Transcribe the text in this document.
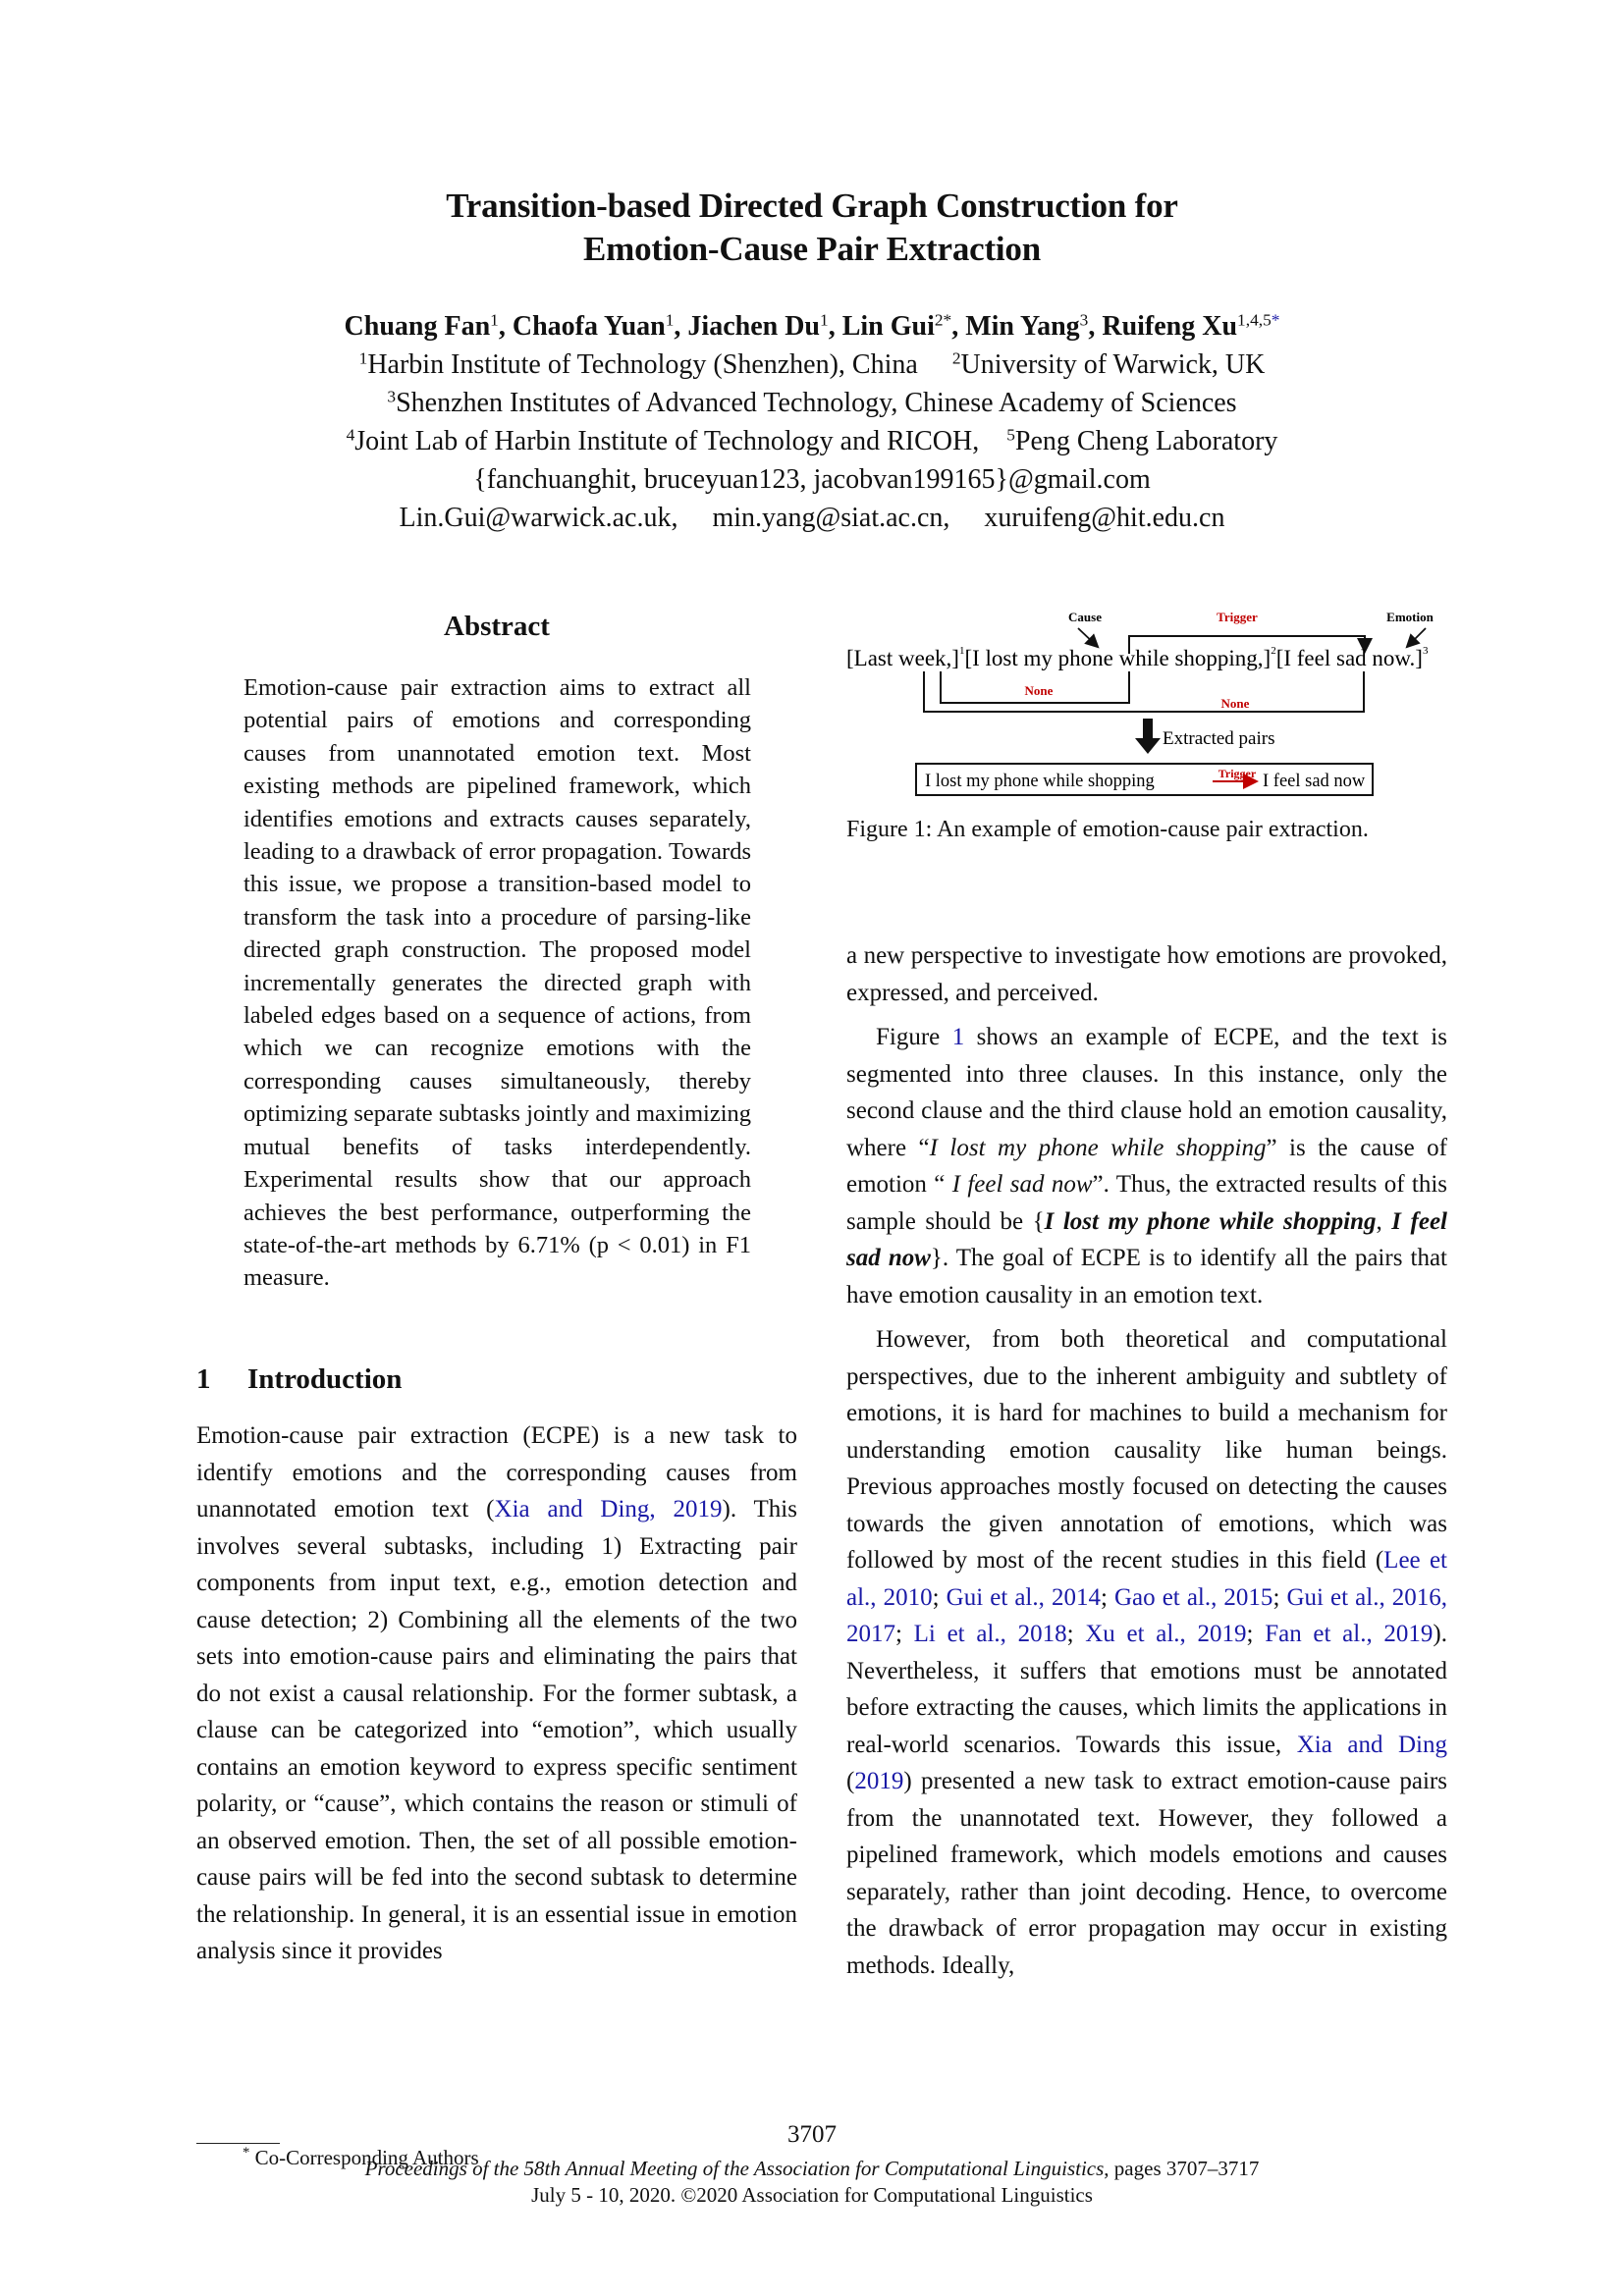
Transition-based Directed Graph Construction for
Emotion-Cause Pair Extraction
Chuang Fan$^1$, Chaofa Yuan$^1$, Jiachen Du$^1$, Lin Gui$^{2*}$, Min Yang$^3$, Ruifeng $Xu^{1,4,5*}$
$^1$Harbin Institute of Technology (Shenzhen), China $^2$University of Warwick, UK
$^3$Shenzhen Institutes of Advanced Technology, Chinese Academy of Sciences
$^4$Joint Lab of Harbin Institute of Technology and RICOH, $^5$Peng Cheng Laboratory
{fanchuanghit, bruceyuan123, jacobvan199165}@gmail.com
Lin.Gui@warwick.ac.uk,     min.yang@siat.ac.cn,     xuruifeng@hit.edu.cn
Abstract
Emotion-cause pair extraction aims to extract all potential pairs of emotions and corresponding causes from unannotated emotion text. Most existing methods are pipelined framework, which identifies emotions and extracts causes separately, leading to a drawback of error propagation. Towards this issue, we propose a transition-based model to transform the task into a procedure of parsing-like directed graph construction. The proposed model incrementally generates the directed graph with labeled edges based on a sequence of actions, from which we can recognize emotions with the corresponding causes simultaneously, thereby optimizing separate subtasks jointly and maximizing mutual benefits of tasks interdependently. Experimental results show that our approach achieves the best performance, outperforming the state-of-the-art methods by 6.71% (p < 0.01) in F1 measure.
1 Introduction

Emotion-cause pair extraction (ECPE) is a new task to identify emotions and the corresponding causes from unannotated emotion text (Xia and Ding, 2019). This involves several subtasks, including 1) Extracting pair components from input text, e.g., emotion detection and cause detection; 2) Combining all the elements of the two sets into emotion-cause pairs and eliminating the pairs that do not exist a causal relationship. For the former subtask, a clause can be categorized into “emotion”, which usually contains an emotion keyword to express specific sentiment polarity, or “cause”, which contains the reason or stimuli of an observed emotion. Then, the set of all possible emotion-cause pairs will be fed into the second subtask to determine the relationship. In general, it is an essential issue in emotion analysis since it provides

* Co-Corresponding Authors
Cause	Trigger	Emotion
[Last week,]$^1$[I lost my phone while shopping,]$^2$[I feel sad now.]$^3$
None
None
Extracted pairs
I lost my phone while shopping	Trigger I feel sad now
Figure 1: An example of emotion-cause pair extraction.

a new perspective to investigate how emotions are provoked, expressed, and perceived.

Figure 1 shows an example of ECPE, and the text is segmented into three clauses. In this instance, only the second clause and the third clause hold an emotion causality, where “I lost my phone while shopping” is the cause of emotion “ I feel sad now”. Thus, the extracted results of this sample should be {I lost my phone while shopping, I feel sad now}. The goal of ECPE is to identify all the pairs that have emotion causality in an emotion text.

However, from both theoretical and computational perspectives, due to the inherent ambiguity and subtlety of emotions, it is hard for machines to build a mechanism for understanding emotion causality like human beings. Previous approaches mostly focused on detecting the causes towards the given annotation of emotions, which was followed by most of the recent studies in this field (Lee et al., 2010; Gui et al., 2014; Gao et al., 2015; Gui et al., 2016, 2017; Li et al., 2018; Xu et al., 2019; Fan et al., 2019). Nevertheless, it suffers that emotions must be annotated before extracting the causes, which limits the applications in real-world scenarios. Towards this issue, Xia and Ding (2019) presented a new task to extract emotion-cause pairs from the unannotated text. However, they followed a pipelined framework, which models emotions and causes separately, rather than joint decoding. Hence, to overcome the drawback of error propagation may occur in existing methods. Ideally,

3707
Proceedings of the 58th Annual Meeting of the Association for Computational Linguistics, pages 3707–3717
July 5 - 10, 2020. ©2020 Association for Computational Linguistics
